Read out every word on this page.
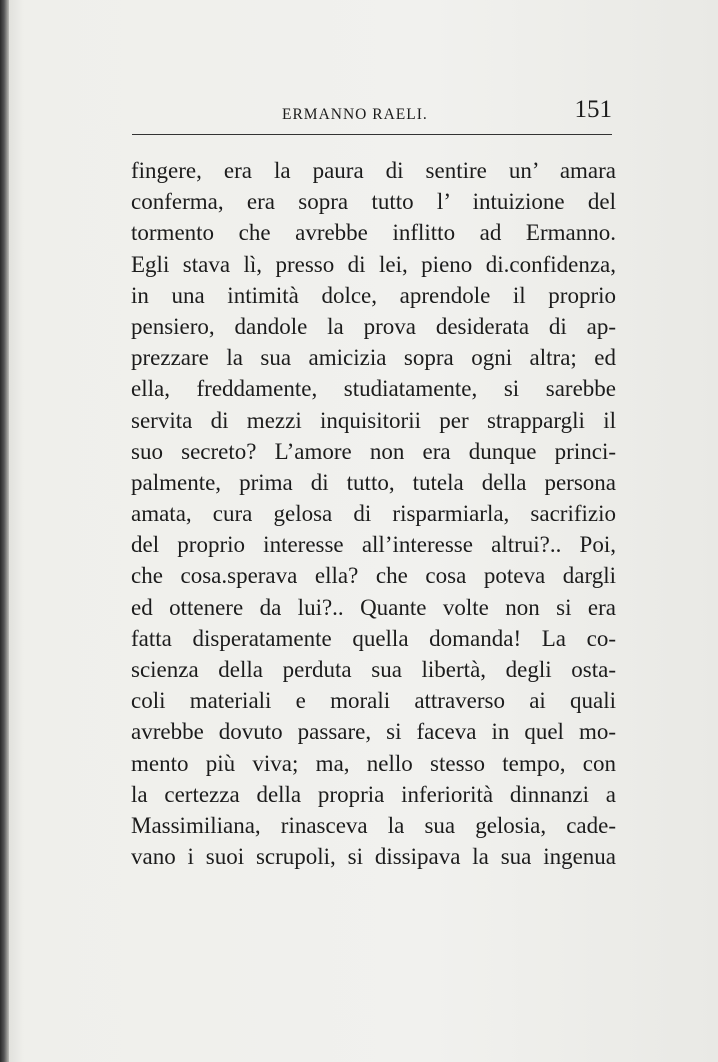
ERMANNO RAELI.	151
fingere, era la paura di sentire un’ amara
conferma, era sopra tutto l’ intuizione del
tormento che avrebbe inflitto ad Ermanno.
Egli stava lì, presso di lei, pieno di.confidenza,
in una intimità dolce, aprendole il proprio
pensiero, dandole la prova desiderata di ap-
prezzare la sua amicizia sopra ogni altra; ed
ella, freddamente, studiatamente, si sarebbe
servita di mezzi inquisitorii per strappargli il
suo secreto? L’amore non era dunque princi-
palmente, prima di tutto, tutela della persona
amata, cura gelosa di risparmiarla, sacrifizio
del proprio interesse all’interesse altrui?.. Poi,
che cosa.sperava ella? che cosa poteva dargli
ed ottenere da lui?.. Quante volte non si era
fatta disperatamente quella domanda! La co-
scienza della perduta sua libertà, degli osta-
coli materiali e morali attraverso ai quali
avrebbe dovuto passare, si faceva in quel mo-
mento più viva; ma, nello stesso tempo, con
la certezza della propria inferiorità dinnanzi a
Massimiliana, rinasceva la sua gelosia, cade-
vano i suoi scrupoli, si dissipava la sua ingenua
